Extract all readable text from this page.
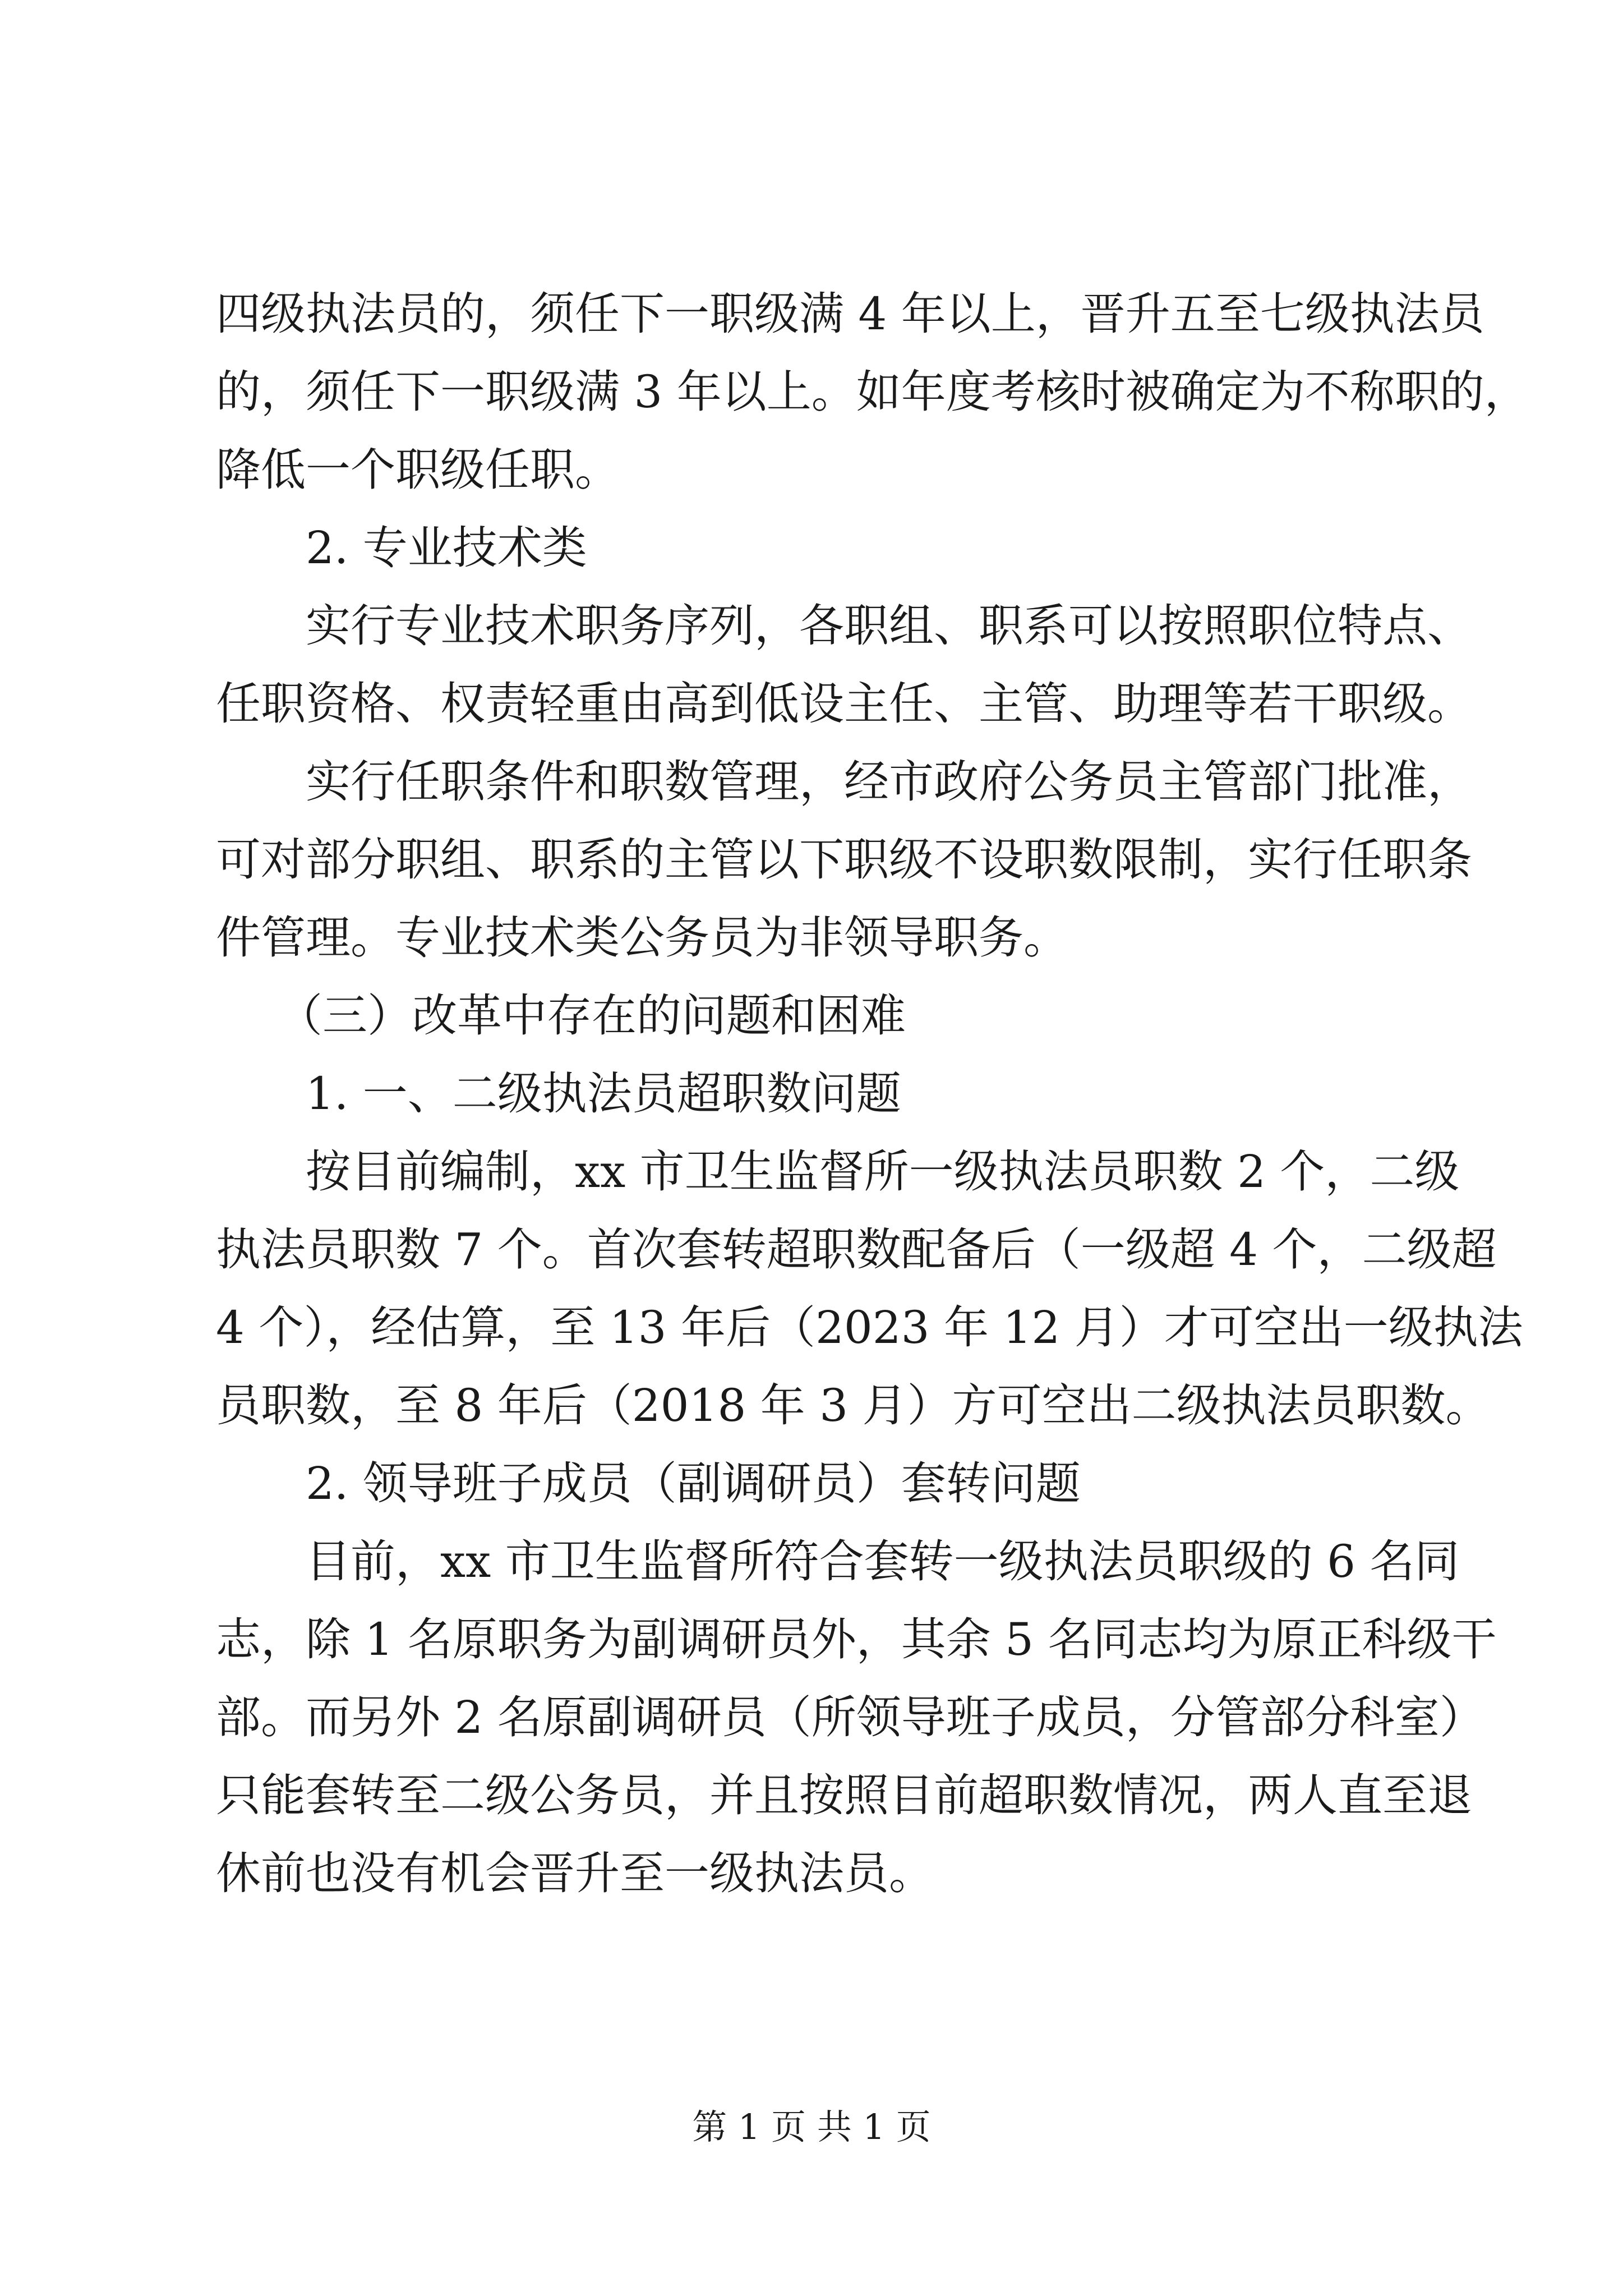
四级执法员的，须任下一职级满 4 年以上，晋升五至七级执法员

的，须任下一职级满 3 年以上。如年度考核时被确定为不称职的，

降低一个职级任职。

2. 专业技术类

实行专业技术职务序列，各职组、职系可以按照职位特点、

任职资格、权责轻重由高到低设主任、主管、助理等若干职级。

实行任职条件和职数管理，经市政府公务员主管部门批准，

可对部分职组、职系的主管以下职级不设职数限制，实行任职条

件管理。专业技术类公务员为非领导职务。

（三）改革中存在的问题和困难

1. 一、二级执法员超职数问题

按目前编制，xx 市卫生监督所一级执法员职数 2 个，二级

执法员职数 7 个。首次套转超职数配备后（一级超 4 个，二级超

4 个），经估算，至 13 年后（2023 年 12 月）才可空出一级执法

员职数，至 8 年后（2018 年 3 月）方可空出二级执法员职数。

2. 领导班子成员（副调研员）套转问题

目前，xx 市卫生监督所符合套转一级执法员职级的 6 名同

志，除 1 名原职务为副调研员外，其余 5 名同志均为原正科级干

部。而另外 2 名原副调研员（所领导班子成员，分管部分科室）

只能套转至二级公务员，并且按照目前超职数情况，两人直至退

休前也没有机会晋升至一级执法员。

第 1 页 共 1 页
